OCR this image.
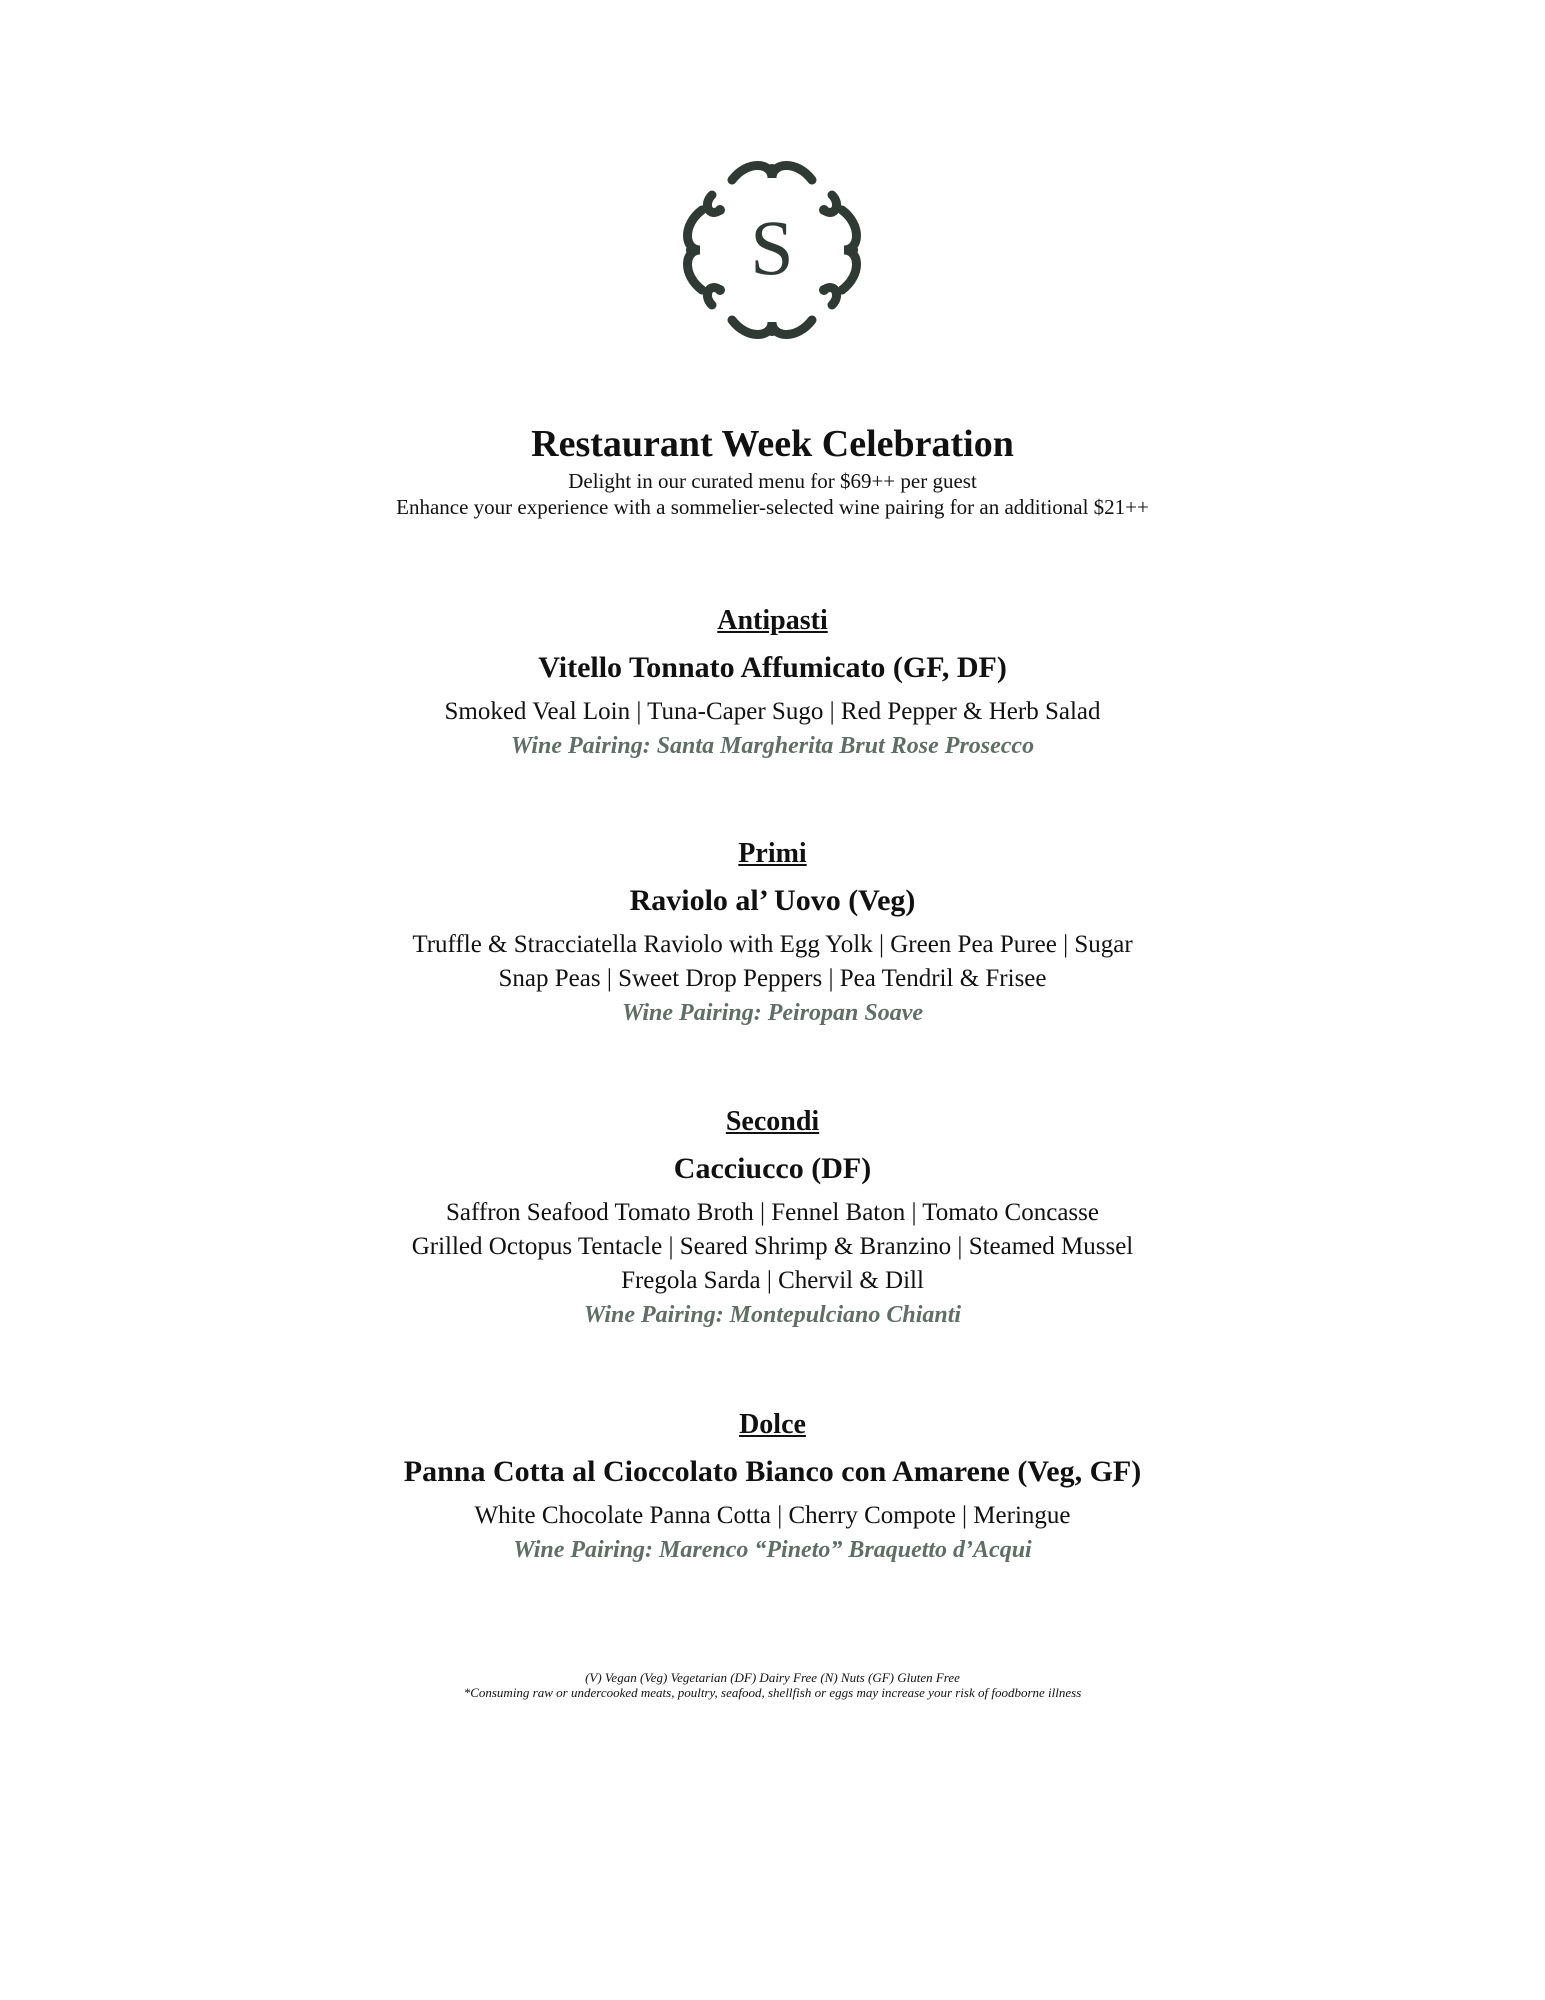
S
Restaurant Week Celebration

Delight in our curated menu for $69++ per guest

Enhance your experience with a sommelier-selected wine pairing for an additional $21++

Antipasti
Vitello Tonnato Affumicato (GF, DF)
Smoked Veal Loin | Tuna-Caper Sugo | Red Pepper & Herb Salad
Wine Pairing: Santa Margherita Brut Rose Prosecco
Primi
Raviolo al’ Uovo (Veg)
Truffle & Stracciatella Raviolo with Egg Yolk | Green Pea Puree | Sugar
Snap Peas | Sweet Drop Peppers | Pea Tendril & Frisee
Wine Pairing: Peiropan Soave
Secondi
Cacciucco (DF)
Saffron Seafood Tomato Broth | Fennel Baton | Tomato Concasse
Grilled Octopus Tentacle | Seared Shrimp & Branzino | Steamed Mussel
Fregola Sarda | Chervil & Dill
Wine Pairing: Montepulciano Chianti
Dolce
Panna Cotta al Cioccolato Bianco con Amarene (Veg, GF)
White Chocolate Panna Cotta | Cherry Compote | Meringue
Wine Pairing: Marenco “Pineto” Braquetto d’Acqui
(V) Vegan (Veg) Vegetarian (DF) Dairy Free (N) Nuts (GF) Gluten Free
*Consuming raw or undercooked meats, poultry, seafood, shellfish or eggs may increase your risk of foodborne illness
